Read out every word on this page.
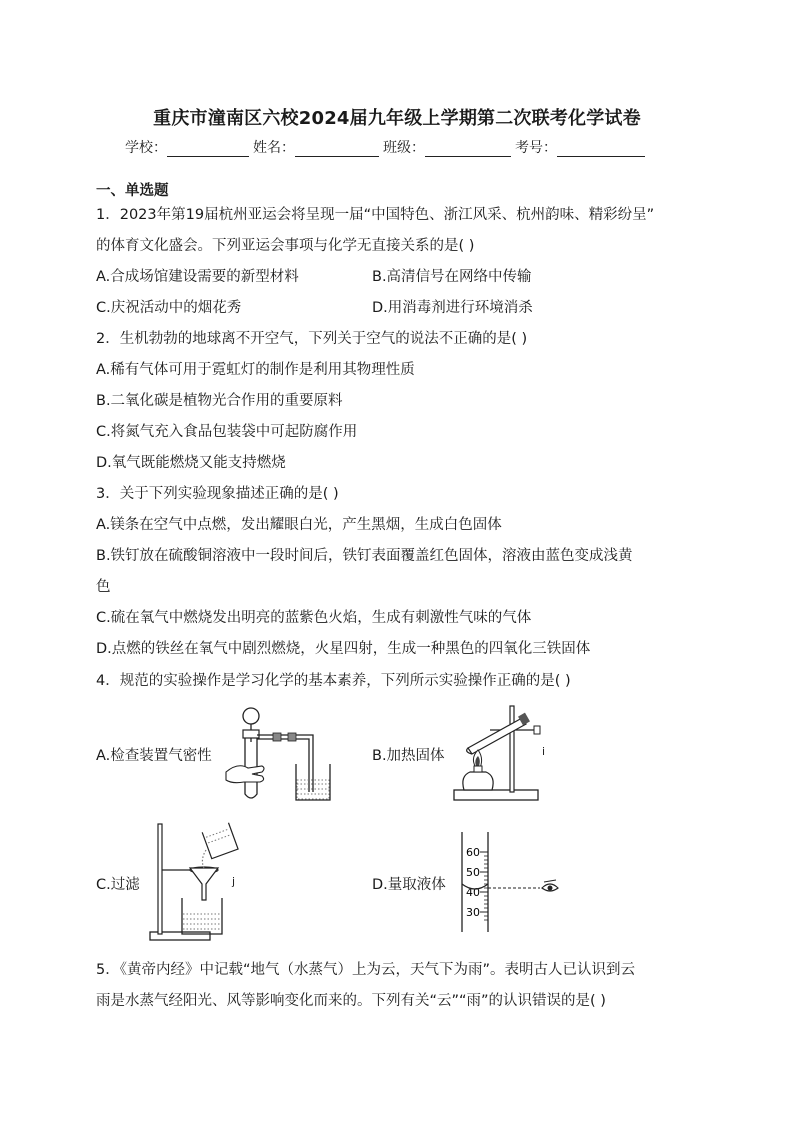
重庆市潼南区六校2024届九年级上学期第二次联考化学试卷
学校：	姓名：	班级：	考号：
一、单选题
1．2023年第19届杭州亚运会将呈现一届“中国特色、浙江风采、杭州韵味、精彩纷呈”
的体育文化盛会。下列亚运会事项与化学无直接关系的是( )
A.合成场馆建设需要的新型材料	B.高清信号在网络中传输
C.庆祝活动中的烟花秀	D.用消毒剂进行环境消杀
2．生机勃勃的地球离不开空气，下列关于空气的说法不正确的是( )
A.稀有气体可用于霓虹灯的制作是利用其物理性质
B.二氧化碳是植物光合作用的重要原料
C.将氮气充入食品包装袋中可起防腐作用
D.氧气既能燃烧又能支持燃烧
3．关于下列实验现象描述正确的是( )
A.镁条在空气中点燃，发出耀眼白光，产生黑烟，生成白色固体
B.铁钉放在硫酸铜溶液中一段时间后，铁钉表面覆盖红色固体，溶液由蓝色变成浅黄
色
C.硫在氧气中燃烧发出明亮的蓝紫色火焰，生成有刺激性气味的气体
D.点燃的铁丝在氧气中剧烈燃烧，火星四射，生成一种黑色的四氧化三铁固体
4．规范的实验操作是学习化学的基本素养，下列所示实验操作正确的是( )
A.检查装置气密性	B.加热固体	i
C.过滤	j	D.量取液体
60
50
40
30
5．《黄帝内经》中记载“地气（水蒸气）上为云，天气下为雨”。表明古人已认识到云
雨是水蒸气经阳光、风等影响变化而来的。下列有关“云”“雨”的认识错误的是( )
